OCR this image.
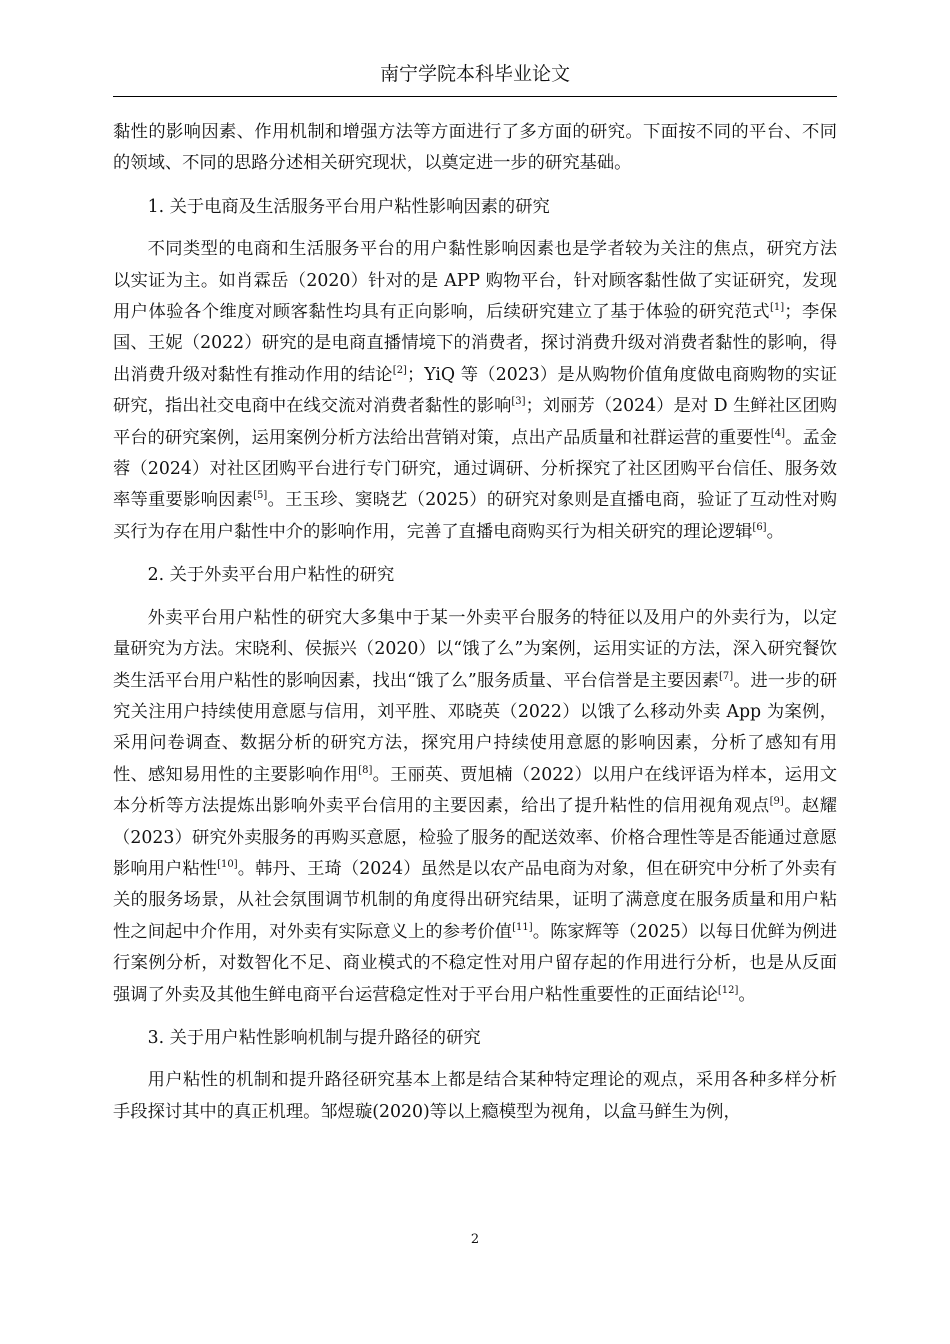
南宁学院本科毕业论文

黏性的影响因素、作用机制和增强方法等方面进行了多方面的研究。下面按不同的平台、不同的领域、不同的思路分述相关研究现状，以奠定进一步的研究基础。

1. 关于电商及生活服务平台用户粘性影响因素的研究

不同类型的电商和生活服务平台的用户黏性影响因素也是学者较为关注的焦点，研究方法以实证为主。如肖霖岳（2020）针对的是 APP 购物平台，针对顾客黏性做了实证研究，发现用户体验各个维度对顾客黏性均具有正向影响，后续研究建立了基于体验的研究范式[1]；李保国、王妮（2022）研究的是电商直播情境下的消费者，探讨消费升级对消费者黏性的影响，得出消费升级对黏性有推动作用的结论[2]；YiQ 等（2023）是从购物价值角度做电商购物的实证研究，指出社交电商中在线交流对消费者黏性的影响[3]；刘丽芳（2024）是对 D 生鲜社区团购平台的研究案例，运用案例分析方法给出营销对策，点出产品质量和社群运营的重要性[4]。孟金蓉（2024）对社区团购平台进行专门研究，通过调研、分析探究了社区团购平台信任、服务效率等重要影响因素[5]。王玉珍、窦晓艺（2025）的研究对象则是直播电商，验证了互动性对购买行为存在用户黏性中介的影响作用，完善了直播电商购买行为相关研究的理论逻辑[6]。

2. 关于外卖平台用户粘性的研究

外卖平台用户粘性的研究大多集中于某一外卖平台服务的特征以及用户的外卖行为，以定量研究为方法。宋晓利、侯振兴（2020）以“饿了么”为案例，运用实证的方法，深入研究餐饮类生活平台用户粘性的影响因素，找出“饿了么”服务质量、平台信誉是主要因素[7]。进一步的研究关注用户持续使用意愿与信用，刘平胜、邓晓英（2022）以饿了么移动外卖 App 为案例，采用问卷调查、数据分析的研究方法，探究用户持续使用意愿的影响因素，分析了感知有用性、感知易用性的主要影响作用[8]。王丽英、贾旭楠（2022）以用户在线评语为样本，运用文本分析等方法提炼出影响外卖平台信用的主要因素，给出了提升粘性的信用视角观点[9]。赵耀（2023）研究外卖服务的再购买意愿，检验了服务的配送效率、价格合理性等是否能通过意愿影响用户粘性[10]。韩丹、王琦（2024）虽然是以农产品电商为对象，但在研究中分析了外卖有关的服务场景，从社会氛围调节机制的角度得出研究结果，证明了满意度在服务质量和用户粘性之间起中介作用，对外卖有实际意义上的参考价值[11]。陈家辉等（2025）以每日优鲜为例进行案例分析，对数智化不足、商业模式的不稳定性对用户留存起的作用进行分析，也是从反面强调了外卖及其他生鲜电商平台运营稳定性对于平台用户粘性重要性的正面结论[12]。

3. 关于用户粘性影响机制与提升路径的研究

用户粘性的机制和提升路径研究基本上都是结合某种特定理论的观点，采用各种多样分析手段探讨其中的真正机理。邹煜璇(2020)等以上瘾模型为视角，以盒马鲜生为例，

2
